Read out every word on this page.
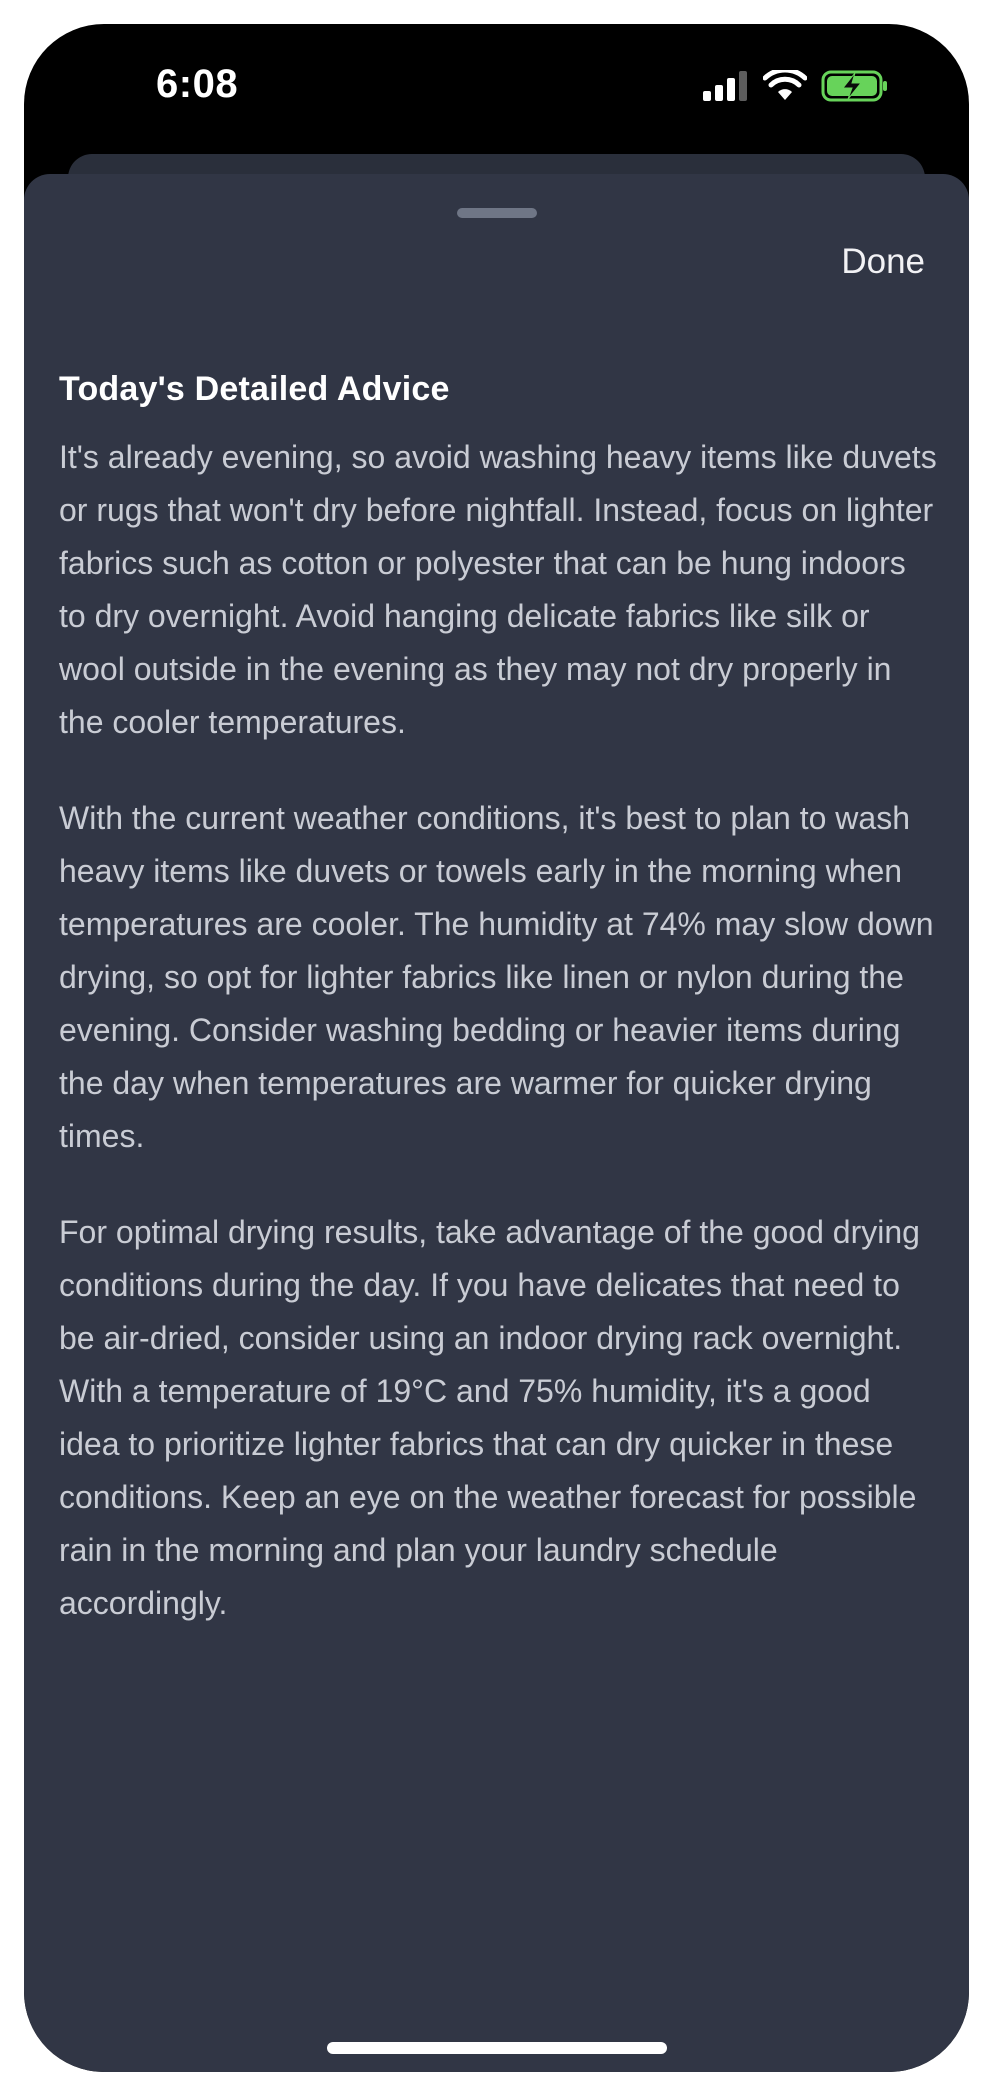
6:08
Done
Today's Detailed Advice

It's already evening, so avoid washing heavy items like duvets or rugs that won't dry before nightfall. Instead, focus on lighter fabrics such as cotton or polyester that can be hung indoors to dry overnight. Avoid hanging delicate fabrics like silk or wool outside in the evening as they may not dry properly in the cooler temperatures.

With the current weather conditions, it's best to plan to wash heavy items like duvets or towels early in the morning when temperatures are cooler. The humidity at 74% may slow down drying, so opt for lighter fabrics like linen or nylon during the evening. Consider washing bedding or heavier items during the day when temperatures are warmer for quicker drying times.

For optimal drying results, take advantage of the good drying conditions during the day. If you have delicates that need to be air-dried, consider using an indoor drying rack overnight. With a temperature of 19°C and 75% humidity, it's a good idea to prioritize lighter fabrics that can dry quicker in these conditions. Keep an eye on the weather forecast for possible rain in the morning and plan your laundry schedule accordingly.
